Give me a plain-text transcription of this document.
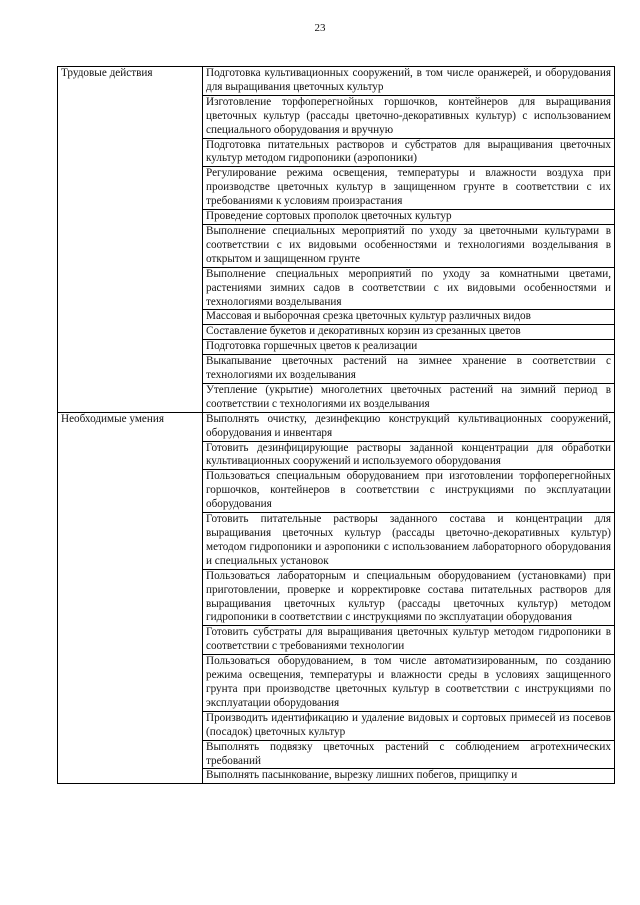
23
Трудовые действия	Подготовка культивационных сооружений, в том числе оранжерей, и оборудования для выращивания цветочных культур
	Изготовление торфоперегнойных горшочков, контейнеров для выращивания цветочных культур (рассады цветочно-декоративных культур) с использованием специального оборудования и вручную
	Подготовка питательных растворов и субстратов для выращивания цветочных культур методом гидропоники (аэропоники)
	Регулирование режима освещения, температуры и влажности воздуха при производстве цветочных культур в защищенном грунте в соответствии с их требованиями к условиям произрастания
	Проведение сортовых прополок цветочных культур
	Выполнение специальных мероприятий по уходу за цветочными культурами в соответствии с их видовыми особенностями и технологиями возделывания в открытом и защищенном грунте
	Выполнение специальных мероприятий по уходу за комнатными цветами, растениями зимних садов в соответствии с их видовыми особенностями и технологиями возделывания
	Массовая и выборочная срезка цветочных культур различных видов
	Составление букетов и декоративных корзин из срезанных цветов
	Подготовка горшечных цветов к реализации
	Выкапывание цветочных растений на зимнее хранение в соответствии с технологиями их возделывания
	Утепление (укрытие) многолетних цветочных растений на зимний период в соответствии с технологиями их возделывания
Необходимые умения	Выполнять очистку, дезинфекцию конструкций культивационных сооружений, оборудования и инвентаря
	Готовить дезинфицирующие растворы заданной концентрации для обработки культивационных сооружений и используемого оборудования
	Пользоваться специальным оборудованием при изготовлении торфоперегнойных горшочков, контейнеров в соответствии с инструкциями по эксплуатации оборудования
	Готовить питательные растворы заданного состава и концентрации для выращивания цветочных культур (рассады цветочно-декоративных культур) методом гидропоники и аэропоники с использованием лабораторного оборудования и специальных установок
	Пользоваться лабораторным и специальным оборудованием (установками) при приготовлении, проверке и корректировке состава питательных растворов для выращивания цветочных культур (рассады цветочных культур) методом гидропоники в соответствии с инструкциями по эксплуатации оборудования
	Готовить субстраты для выращивания цветочных культур методом гидропоники в соответствии с требованиями технологии
	Пользоваться оборудованием, в том числе автоматизированным, по созданию режима освещения, температуры и влажности среды в условиях защищенного грунта при производстве цветочных культур в соответствии с инструкциями по эксплуатации оборудования
	Производить идентификацию и удаление видовых и сортовых примесей из посевов (посадок) цветочных культур
	Выполнять подвязку цветочных растений с соблюдением агротехнических требований
	Выполнять пасынкование, вырезку лишних побегов, прищипку и
